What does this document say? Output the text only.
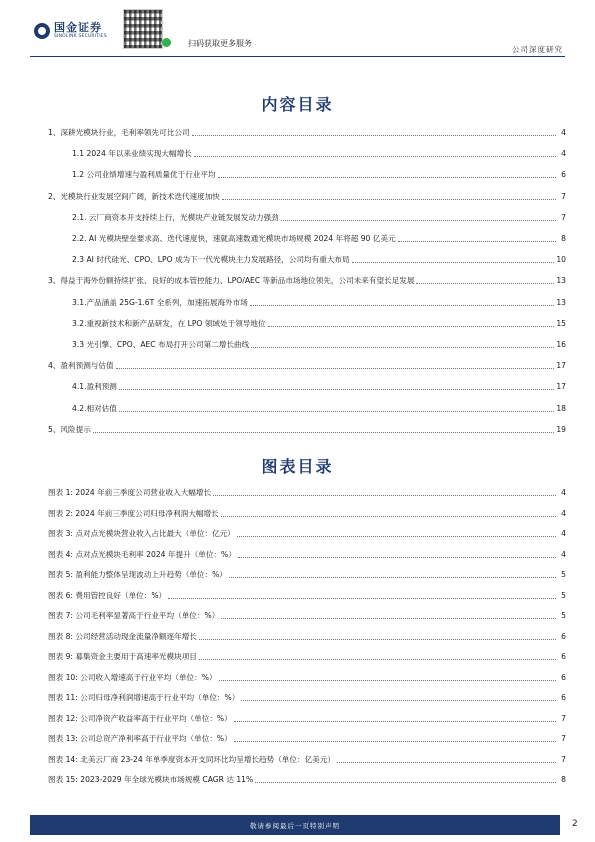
国金证券
SINOLINK SECURITIES
扫码获取更多服务
公司深度研究
内容目录
1、深耕光模块行业，毛利率领先可比公司	4
1.1 2024 年以来业绩实现大幅增长	4
1.2 公司业绩增速与盈利质量优于行业平均	6
2、光模块行业发展空间广阔，新技术迭代速度加快	7
2.1. 云厂商资本开支持续上行，光模块产业链发展发动力强劲	7
2.2. AI 光模块壁垒要求高、迭代速度快，速就高速数通光模块市场规模 2024 年将超 90 亿美元	8
2.3 AI 时代硅光、CPO、LPO 成为下一代光模块主力发展路径，公司均有重大布局	10
3、得益于海外份额持续扩张、良好的成本管控能力、LPO/AEC 等新品市场地位领先，公司未来有望长足发展	13
3.1.产品涵盖 25G-1.6T 全系列，加速拓展海外市场	13
3.2.重视新技术和新产品研发，在 LPO 领域处于领导地位	15
3.3 光引擎、CPO、AEC 布局打开公司第二增长曲线	16
4、盈利预测与估值	17
4.1.盈利预测	17
4.2.相对估值	18
5、风险提示	19
图表目录
图表 1: 2024 年前三季度公司营业收入大幅增长	4
图表 2: 2024 年前三季度公司归母净利润大幅增长	4
图表 3: 点对点光模块营业收入占比最大（单位：亿元）	4
图表 4: 点对点光模块毛利率 2024 年提升（单位：%）	4
图表 5: 盈利能力整体呈现波动上升趋势（单位：%）	5
图表 6: 费用管控良好（单位：%）	5
图表 7: 公司毛利率显著高于行业平均（单位：%）	5
图表 8: 公司经营活动现金流量净额逐年增长	6
图表 9: 募集资金主要用于高速率光模块项目	6
图表 10: 公司收入增速高于行业平均（单位：%）	6
图表 11: 公司归母净利润增速高于行业平均（单位：%）	6
图表 12: 公司净资产收益率高于行业平均（单位：%）	7
图表 13: 公司总资产净利率高于行业平均（单位：%）	7
图表 14: 北美云厂商 23-24 年单季度资本开支同环比均呈增长趋势（单位：亿美元）	7
图表 15: 2023-2029 年全球光模块市场规模 CAGR 达 11%	8
敬请参阅最后一页特别声明	2
